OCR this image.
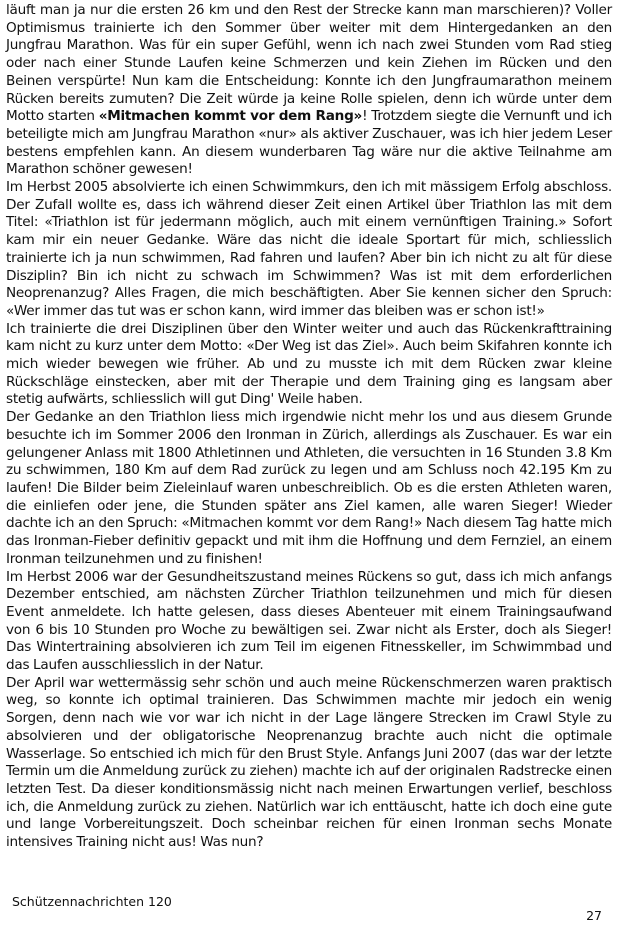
läuft man ja nur die ersten 26 km und den Rest der Strecke kann man marschieren)? Voller Optimismus trainierte ich den Sommer über weiter mit dem Hintergedanken an den Jungfrau Marathon. Was für ein super Gefühl, wenn ich nach zwei Stunden vom Rad stieg oder nach einer Stunde Laufen keine Schmerzen und kein Ziehen im Rücken und den Beinen verspürte! Nun kam die Entscheidung: Konnte ich den Jungfraumarathon meinem Rücken bereits zumuten? Die Zeit würde ja keine Rolle spielen, denn ich würde unter dem Motto starten «Mitmachen kommt vor dem Rang»! Trotzdem siegte die Vernunft und ich beteiligte mich am Jungfrau Marathon «nur» als aktiver Zuschauer, was ich hier jedem Leser bestens empfehlen kann. An diesem wunderbaren Tag wäre nur die aktive Teilnahme am Marathon schöner gewesen!

Im Herbst 2005 absolvierte ich einen Schwimmkurs, den ich mit mässigem Erfolg abschloss. Der Zufall wollte es, dass ich während dieser Zeit einen Artikel über Triathlon las mit dem Titel: «Triathlon ist für jedermann möglich, auch mit einem vernünftigen Training.» Sofort kam mir ein neuer Gedanke. Wäre das nicht die ideale Sportart für mich, schliesslich trainierte ich ja nun schwimmen, Rad fahren und laufen? Aber bin ich nicht zu alt für diese Disziplin? Bin ich nicht zu schwach im Schwimmen? Was ist mit dem erforderlichen Neoprenanzug? Alles Fragen, die mich beschäftigten. Aber Sie kennen sicher den Spruch: «Wer immer das tut was er schon kann, wird immer das bleiben was er schon ist!»

Ich trainierte die drei Disziplinen über den Winter weiter und auch das Rückenkrafttraining kam nicht zu kurz unter dem Motto: «Der Weg ist das Ziel». Auch beim Skifahren konnte ich mich wieder bewegen wie früher. Ab und zu musste ich mit dem Rücken zwar kleine Rückschläge einstecken, aber mit der Therapie und dem Training ging es langsam aber stetig aufwärts, schliesslich will gut Ding' Weile haben.

Der Gedanke an den Triathlon liess mich irgendwie nicht mehr los und aus diesem Grunde besuchte ich im Sommer 2006 den Ironman in Zürich, allerdings als Zuschauer. Es war ein gelungener Anlass mit 1800 Athletinnen und Athleten, die versuchten in 16 Stunden 3.8 Km zu schwimmen, 180 Km auf dem Rad zurück zu legen und am Schluss noch 42.195 Km zu laufen! Die Bilder beim Zieleinlauf waren unbeschreiblich. Ob es die ersten Athleten waren, die einliefen oder jene, die Stunden später ans Ziel kamen, alle waren Sieger! Wieder dachte ich an den Spruch: «Mitmachen kommt vor dem Rang!» Nach diesem Tag hatte mich das Ironman-Fieber definitiv gepackt und mit ihm die Hoffnung und dem Fernziel, an einem Ironman teilzunehmen und zu finishen!

Im Herbst 2006 war der Gesundheitszustand meines Rückens so gut, dass ich mich anfangs Dezember entschied, am nächsten Zürcher Triathlon teilzunehmen und mich für diesen Event anmeldete. Ich hatte gelesen, dass dieses Abenteuer mit einem Trainingsaufwand von 6 bis 10 Stunden pro Woche zu bewältigen sei. Zwar nicht als Erster, doch als Sieger! Das Wintertraining absolvieren ich zum Teil im eigenen Fitnesskeller, im Schwimmbad und das Laufen ausschliesslich in der Natur.

Der April war wettermässig sehr schön und auch meine Rückenschmerzen waren praktisch weg, so konnte ich optimal trainieren. Das Schwimmen machte mir jedoch ein wenig Sorgen, denn nach wie vor war ich nicht in der Lage längere Strecken im Crawl Style zu absolvieren und der obligatorische Neoprenanzug brachte auch nicht die optimale Wasserlage. So entschied ich mich für den Brust Style. Anfangs Juni 2007 (das war der letzte Termin um die Anmeldung zurück zu ziehen) machte ich auf der originalen Radstrecke einen letzten Test. Da dieser konditionsmässig nicht nach meinen Erwartungen verlief, beschloss ich, die Anmeldung zurück zu ziehen. Natürlich war ich enttäuscht, hatte ich doch eine gute und lange Vorbereitungszeit. Doch scheinbar reichen für einen Ironman sechs Monate intensives Training nicht aus! Was nun?

Schützennachrichten 120
27
